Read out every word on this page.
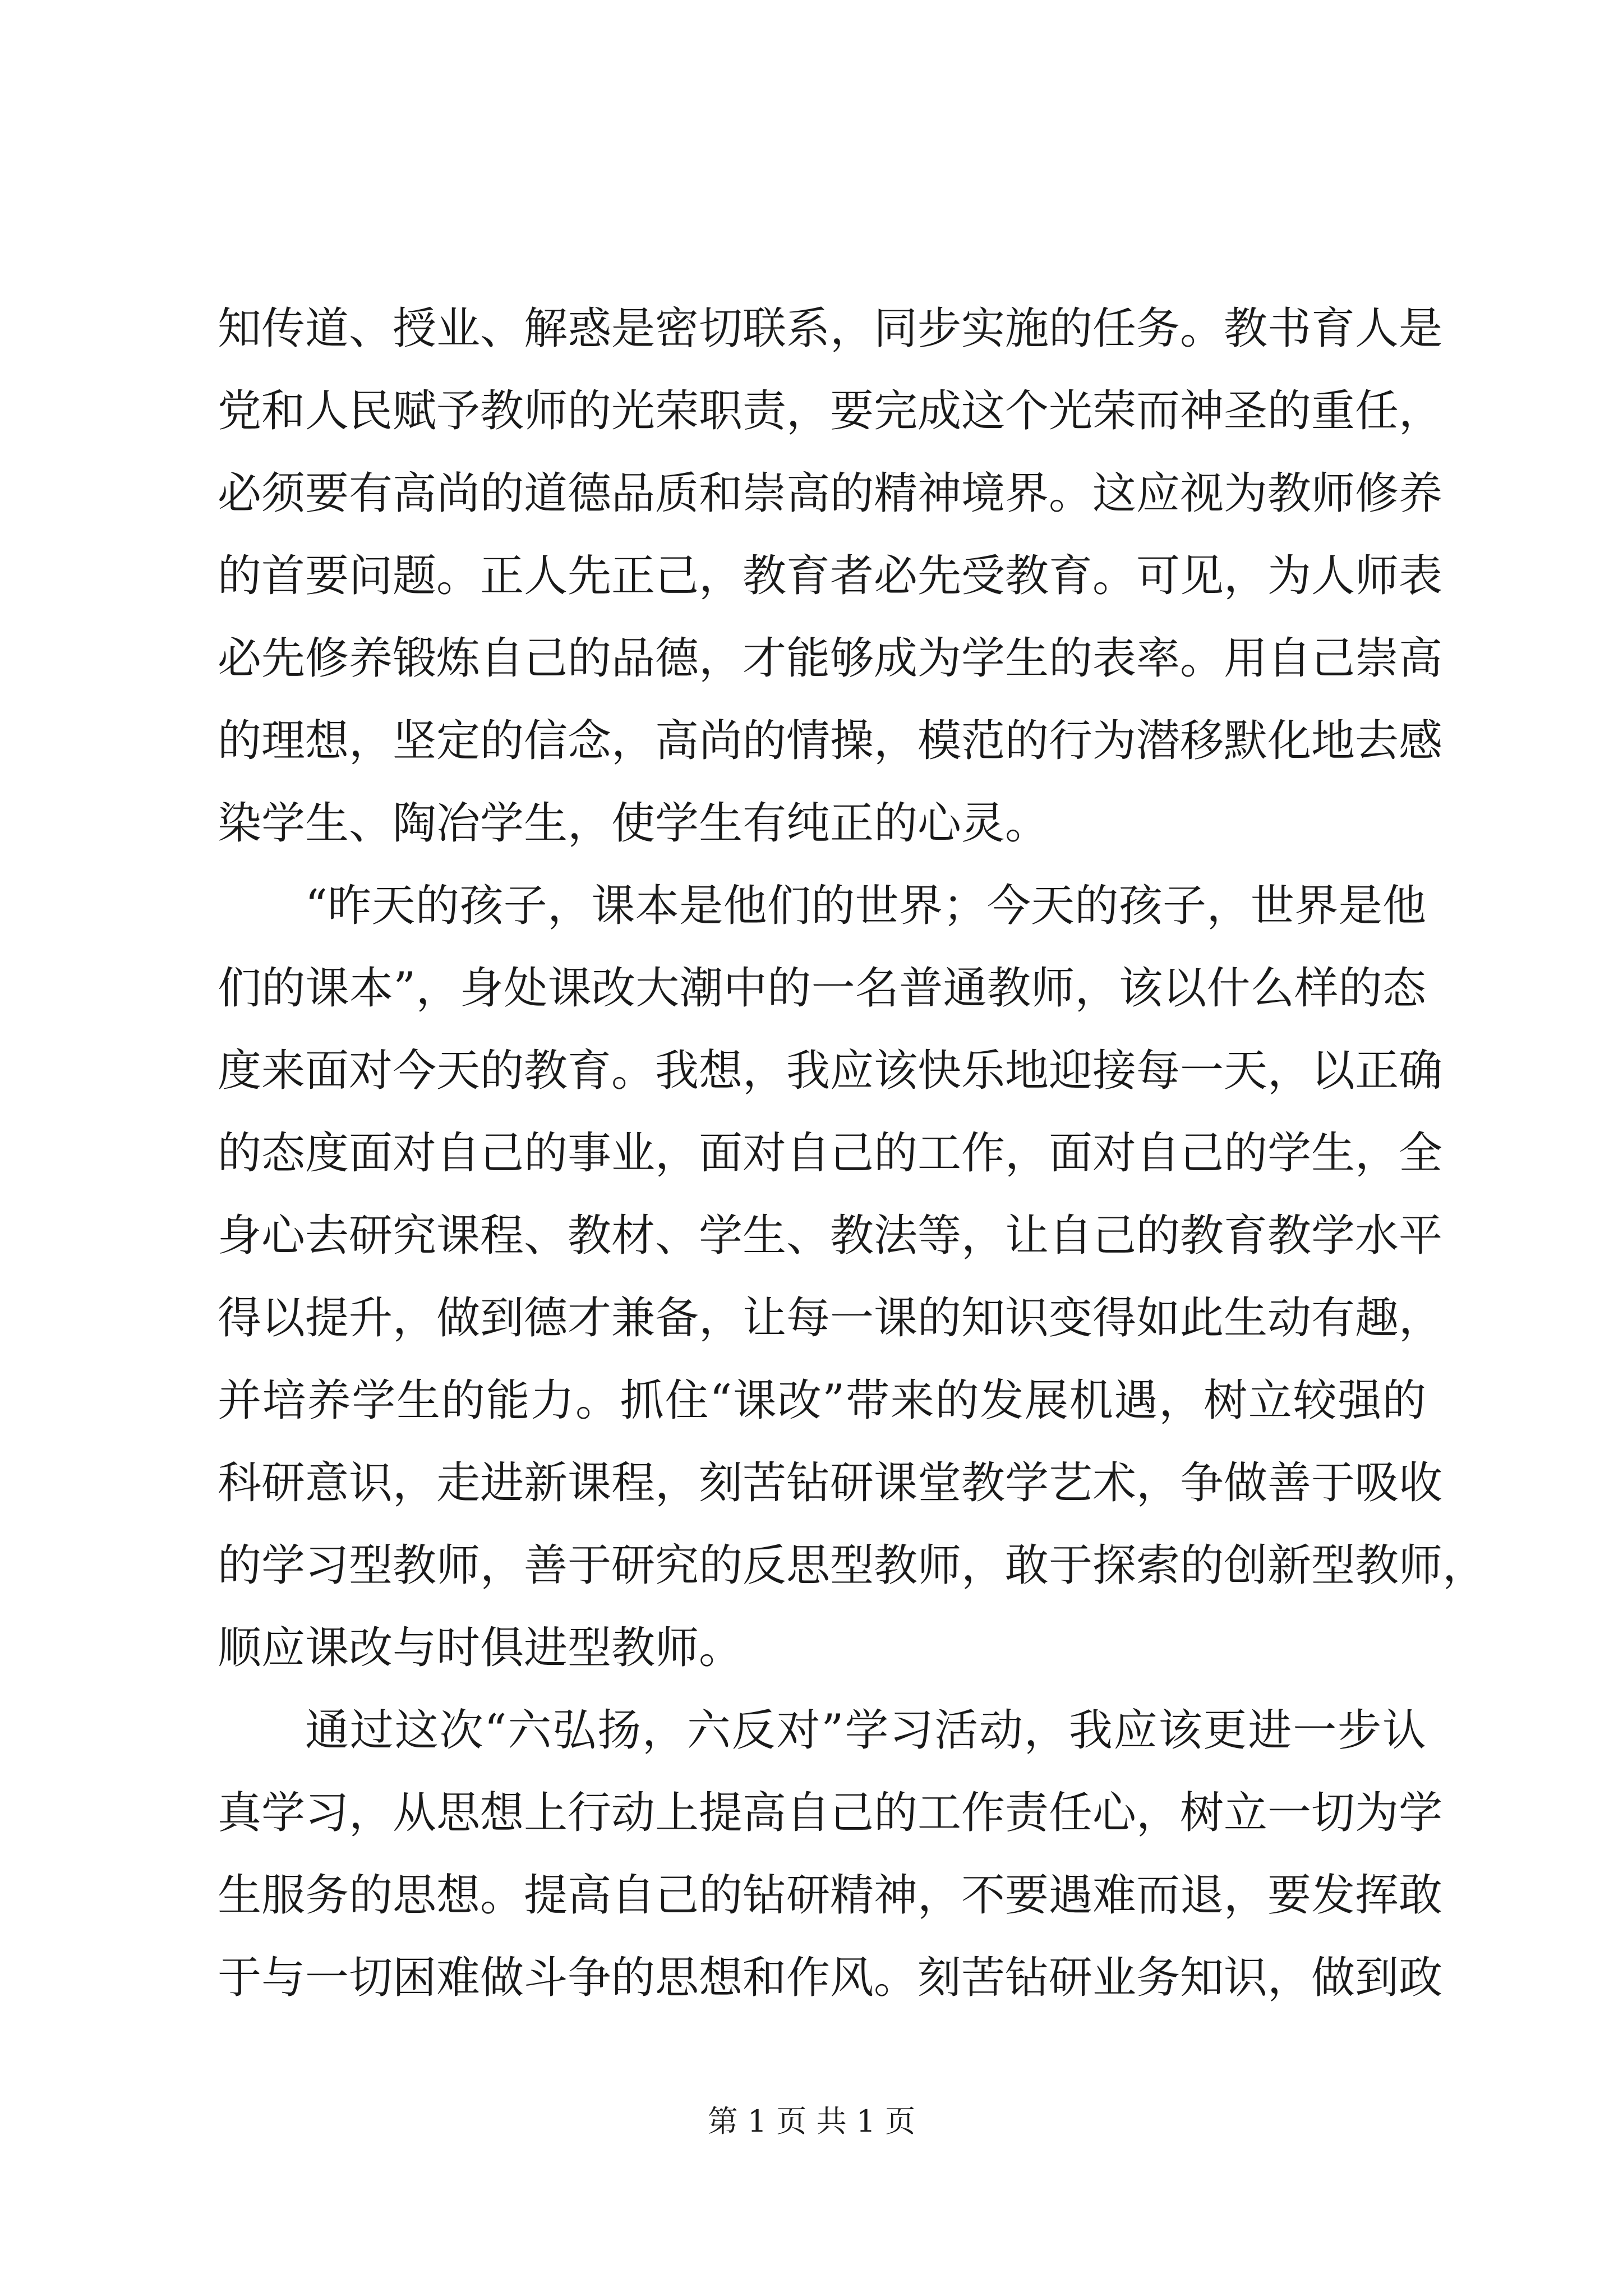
知传道、授业、解惑是密切联系，同步实施的任务。教书育人是
党和人民赋予教师的光荣职责，要完成这个光荣而神圣的重任，
必须要有高尚的道德品质和崇高的精神境界。这应视为教师修养
的首要问题。正人先正己，教育者必先受教育。可见，为人师表
必先修养锻炼自己的品德，才能够成为学生的表率。用自己崇高
的理想，坚定的信念，高尚的情操，模范的行为潜移默化地去感
染学生、陶冶学生，使学生有纯正的心灵。
“昨天的孩子，课本是他们的世界；今天的孩子，世界是他
们的课本”，身处课改大潮中的一名普通教师，该以什么样的态
度来面对今天的教育。我想，我应该快乐地迎接每一天，以正确
的态度面对自己的事业，面对自己的工作，面对自己的学生，全
身心去研究课程、教材、学生、教法等，让自己的教育教学水平
得以提升，做到德才兼备，让每一课的知识变得如此生动有趣，
并培养学生的能力。抓住“课改”带来的发展机遇，树立较强的
科研意识，走进新课程，刻苦钻研课堂教学艺术，争做善于吸收
的学习型教师，善于研究的反思型教师，敢于探索的创新型教师，
顺应课改与时俱进型教师。
通过这次“六弘扬，六反对”学习活动，我应该更进一步认
真学习，从思想上行动上提高自己的工作责任心，树立一切为学
生服务的思想。提高自己的钻研精神，不要遇难而退，要发挥敢
于与一切困难做斗争的思想和作风。刻苦钻研业务知识，做到政
第 1 页 共 1 页
